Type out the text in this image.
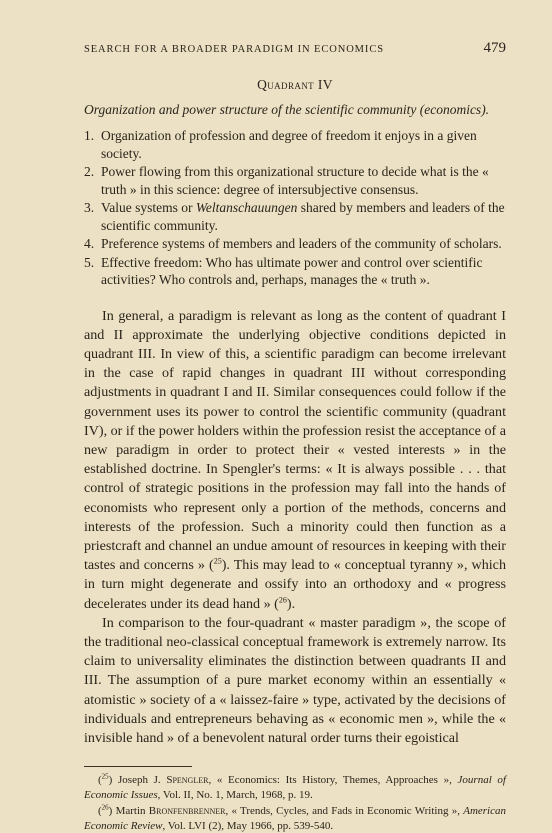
SEARCH FOR A BROADER PARADIGM IN ECONOMICS	479
Quadrant IV
Organization and power structure of the scientific community (economics).
1. Organization of profession and degree of freedom it enjoys in a given society.
2. Power flowing from this organizational structure to decide what is the « truth » in this science: degree of intersubjective consensus.
3. Value systems or Weltanschauungen shared by members and leaders of the scientific community.
4. Preference systems of members and leaders of the community of scholars.
5. Effective freedom: Who has ultimate power and control over scientific activities? Who controls and, perhaps, manages the « truth ».

In general, a paradigm is relevant as long as the content of quadrant I and II approximate the underlying objective conditions depicted in quadrant III. In view of this, a scientific paradigm can become irrelevant in the case of rapid changes in quadrant III without corresponding adjustments in quadrant I and II. Similar consequences could follow if the government uses its power to control the scientific community (quadrant IV), or if the power holders within the profession resist the acceptance of a new paradigm in order to protect their « vested interests » in the established doctrine. In Spengler's terms: « It is always possible . . . that control of strategic positions in the profession may fall into the hands of economists who represent only a portion of the methods, concerns and interests of the profession. Such a minority could then function as a priestcraft and channel an undue amount of resources in keeping with their tastes and concerns » ($^{25}$). This may lead to « conceptual tyranny », which in turn might degenerate and ossify into an orthodoxy and « progress decelerates under its dead hand » ($^{26}$).

In comparison to the four-quadrant « master paradigm », the scope of the traditional neo-classical conceptual framework is extremely narrow. Its claim to universality eliminates the distinction between quadrants II and III. The assumption of a pure market economy within an essentially « atomistic » society of a « laissez-faire » type, activated by the decisions of individuals and entrepreneurs behaving as « economic men », while the « invisible hand » of a benevolent natural order turns their egoistical

($^{25}$) Joseph J. Spengler, « Economics: Its History, Themes, Approaches », Journal of Economic Issues, Vol. II, No. 1, March, 1968, p. 19.

($^{26}$) Martin Bronfenbrenner, « Trends, Cycles, and Fads in Economic Writing », American Economic Review, Vol. LVI (2), May 1966, pp. 539-540.
